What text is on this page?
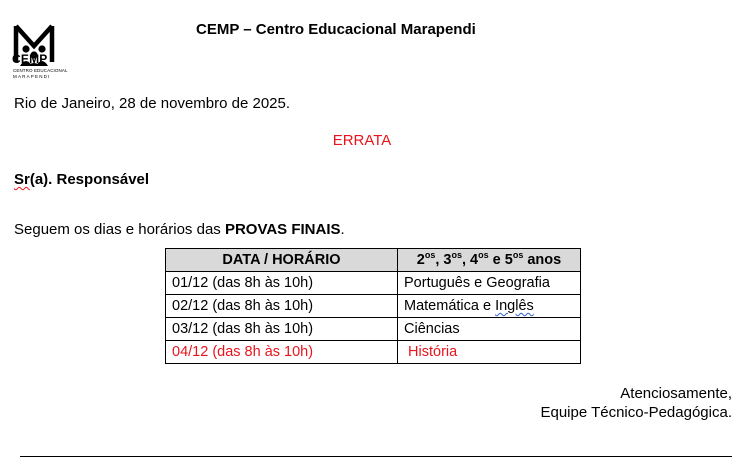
CEMP
CENTRO EDUCACIONAL
MARAPENDI
CEMP – Centro Educacional Marapendi
Rio de Janeiro, 28 de novembro de 2025.
ERRATA
Sr(a). Responsável
Seguem os dias e horários das PROVAS FINAIS.
DATA / HORÁRIO	$2^{os}$, $3^{os}$, $4^{os}$ e $5^{os}$ anos
01/12 (das 8h às 10h)	Português e Geografia
02/12 (das 8h às 10h)	Matemática e Inglês
03/12 (das 8h às 10h)	Ciências
04/12 (das 8h às 10h)	História
Atenciosamente,
Equipe Técnico-Pedagógica.
